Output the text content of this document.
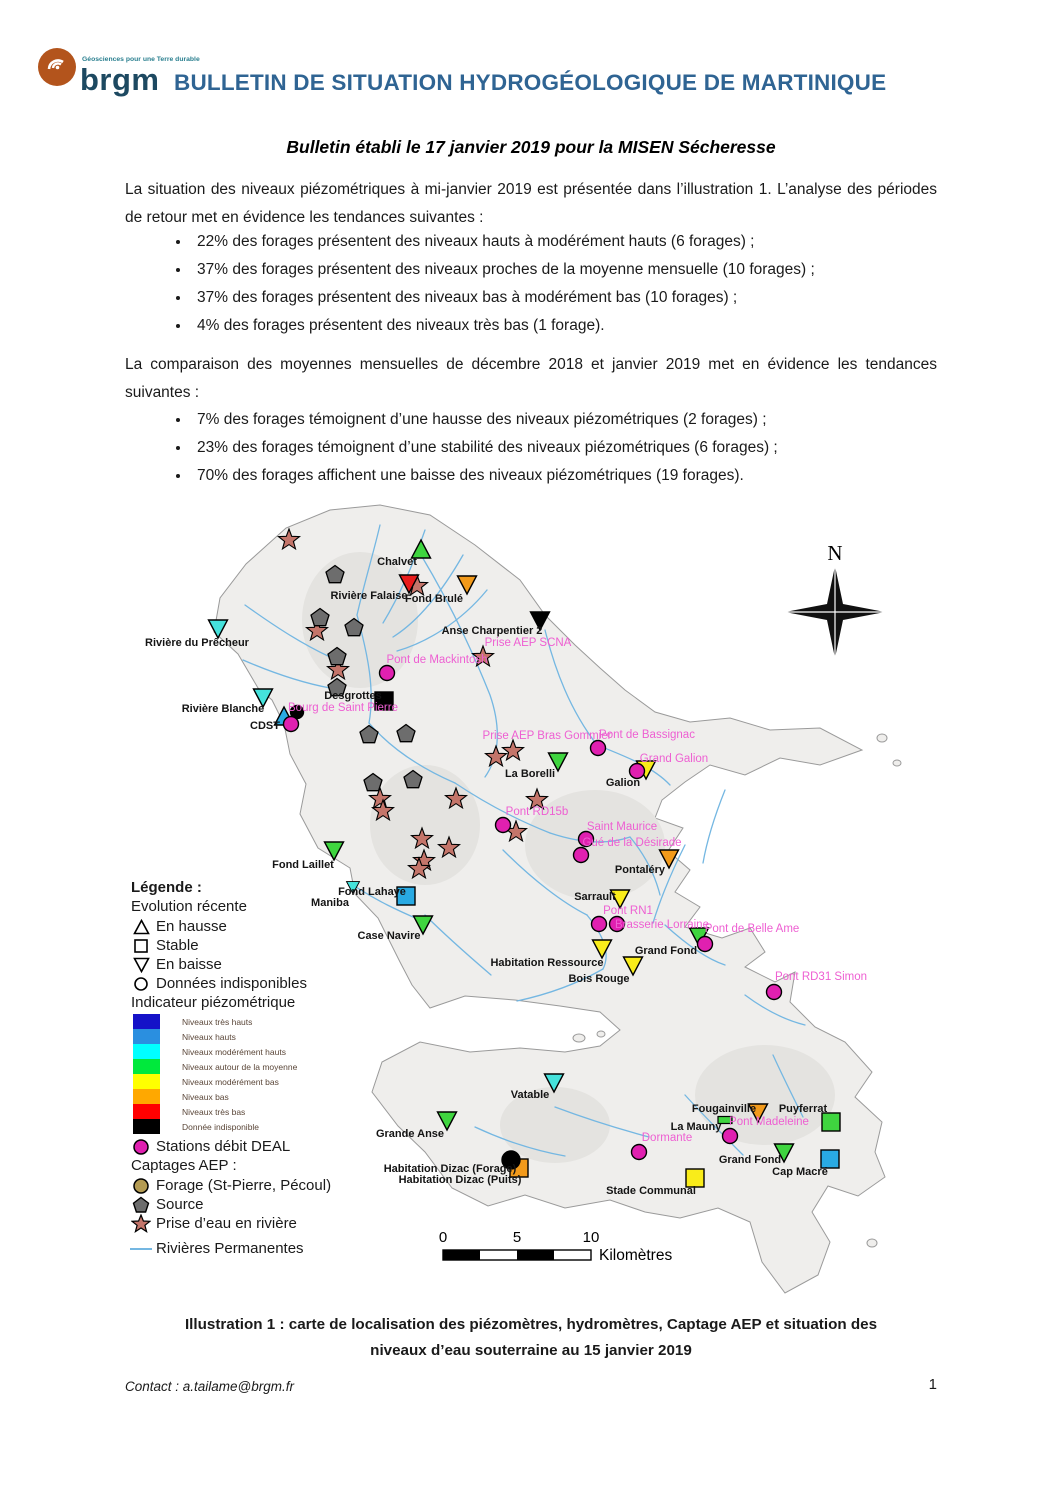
Géosciences pour une Terre durable
brgm BULLETIN DE SITUATION HYDROGÉOLOGIQUE DE MARTINIQUE
Bulletin établi le 17 janvier 2019 pour la MISEN Sécheresse
La situation des niveaux piézométriques à mi-janvier 2019 est présentée dans l’illustration 1. L’analyse des périodes de retour met en évidence les tendances suivantes :
• 22% des forages présentent des niveaux hauts à modérément hauts (6 forages) ;
• 37% des forages présentent des niveaux proches de la moyenne mensuelle (10 forages) ;
• 37% des forages présentent des niveaux bas à modérément bas (10 forages) ;
• 4% des forages présentent des niveaux très bas (1 forage).
La comparaison des moyennes mensuelles de décembre 2018 et janvier 2019 met en évidence les tendances suivantes :
• 7% des forages témoignent d’une hausse des niveaux piézométriques (2 forages) ;
• 23% des forages témoignent d’une stabilité des niveaux piézométriques (6 forages) ;
• 70% des forages affichent une baisse des niveaux piézométriques (19 forages).
Chalvet
Rivière Falaise
Fond Brulé
Anse Charpentier 2
Rivière du Prêcheur
Rivière Blanche
CDST
Desgrottes
La Borelli
Galion
Pontaléry
Sarrault
Grand Fond
Habitation Ressource
Bois Rouge
Fond Laillet
Fond Lahaye
Maniba
Case Navire
Vatable
Grande Anse
Habitation Dizac (Forage)
Habitation Dizac (Puits)
Stade Communal
La Mauny
Fougainville Puyferrat
Grand Fond
Cap Macré
Prise AEP SCNA
Pont de Mackintosh
Bourg de Saint Pierre
Prise AEP Bras Gommier
Pont de Bassignac
Grand Galion
Pont RD15b
Saint Maurice
Gué de la Désirade
Pont RN1
Brasserie Lorraine
Pont de Belle Ame
Pont RD31 Simon
Dormante
Pont Madeleine
N
0	5	10
Kilomètres
Légende :
Evolution récente
En hausse
Stable
En baisse
Données indisponibles
Indicateur piézométrique
Niveaux très hauts
Niveaux hauts
Niveaux modérément hauts
Niveaux autour de la moyenne
Niveaux modérément bas
Niveaux bas
Niveaux très bas
Donnée indisponible
Stations débit DEAL
Captages AEP :
Forage (St-Pierre, Pécoul)
Source
Prise d’eau en rivière
Rivières Permanentes
Illustration 1 : carte de localisation des piézomètres, hydromètres, Captage AEP et situation des
niveaux d’eau souterraine au 15 janvier 2019
Contact : a.tailame@brgm.fr	1
